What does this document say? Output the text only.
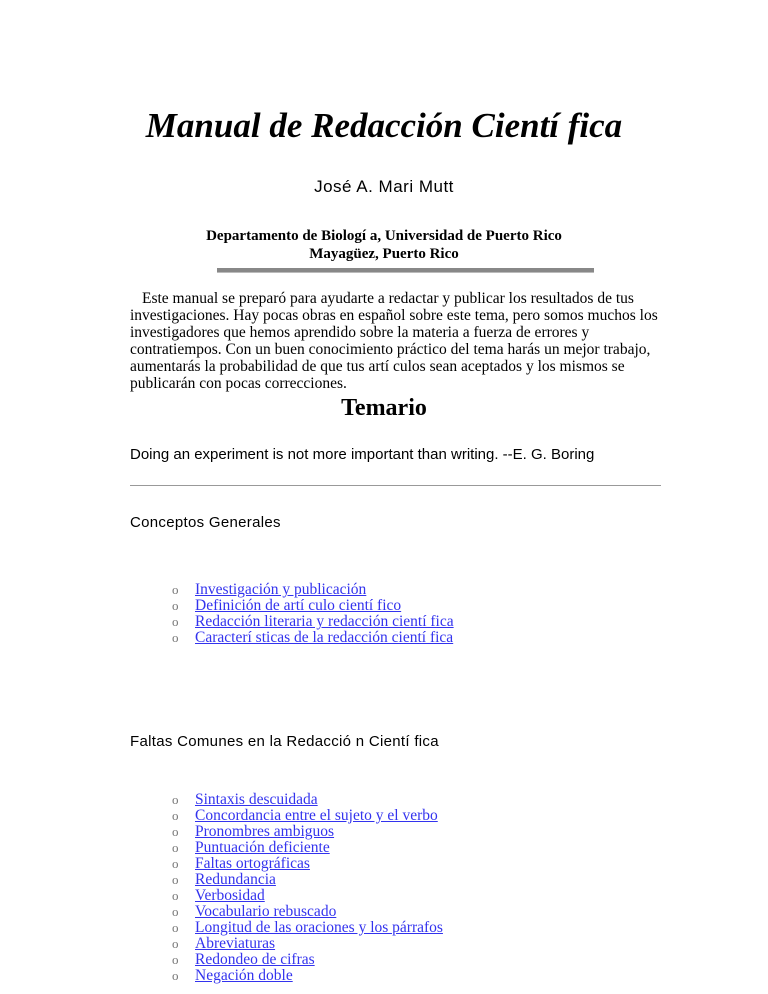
Manual de Redacción Cientí fica
José A. Mari Mutt
Departamento de Biologí a, Universidad de Puerto Rico
Mayagüez, Puerto Rico
Este manual se preparó para ayudarte a redactar y publicar los resultados de tus investigaciones. Hay pocas obras en español sobre este tema, pero somos muchos los investigadores que hemos aprendido sobre la materia a fuerza de errores y contratiempos. Con un buen conocimiento práctico del tema harás un mejor trabajo, aumentarás la probabilidad de que tus artí culos sean aceptados y los mismos se publicarán con pocas correcciones.
Temario
Doing an experiment is not more important than writing. --E. G. Boring
Conceptos Generales
o Investigación y publicación
o Definición de artí culo cientí fico
o Redacción literaria y redacción cientí fica
o Caracterí sticas de la redacción cientí fica
Faltas Comunes en la Redacció n Cientí fica
o Sintaxis descuidada
o Concordancia entre el sujeto y el verbo
o Pronombres ambiguos
o Puntuación deficiente
o Faltas ortográficas
o Redundancia
o Verbosidad
o Vocabulario rebuscado
o Longitud de las oraciones y los párrafos
o Abreviaturas
o Redondeo de cifras
o Negación doble
